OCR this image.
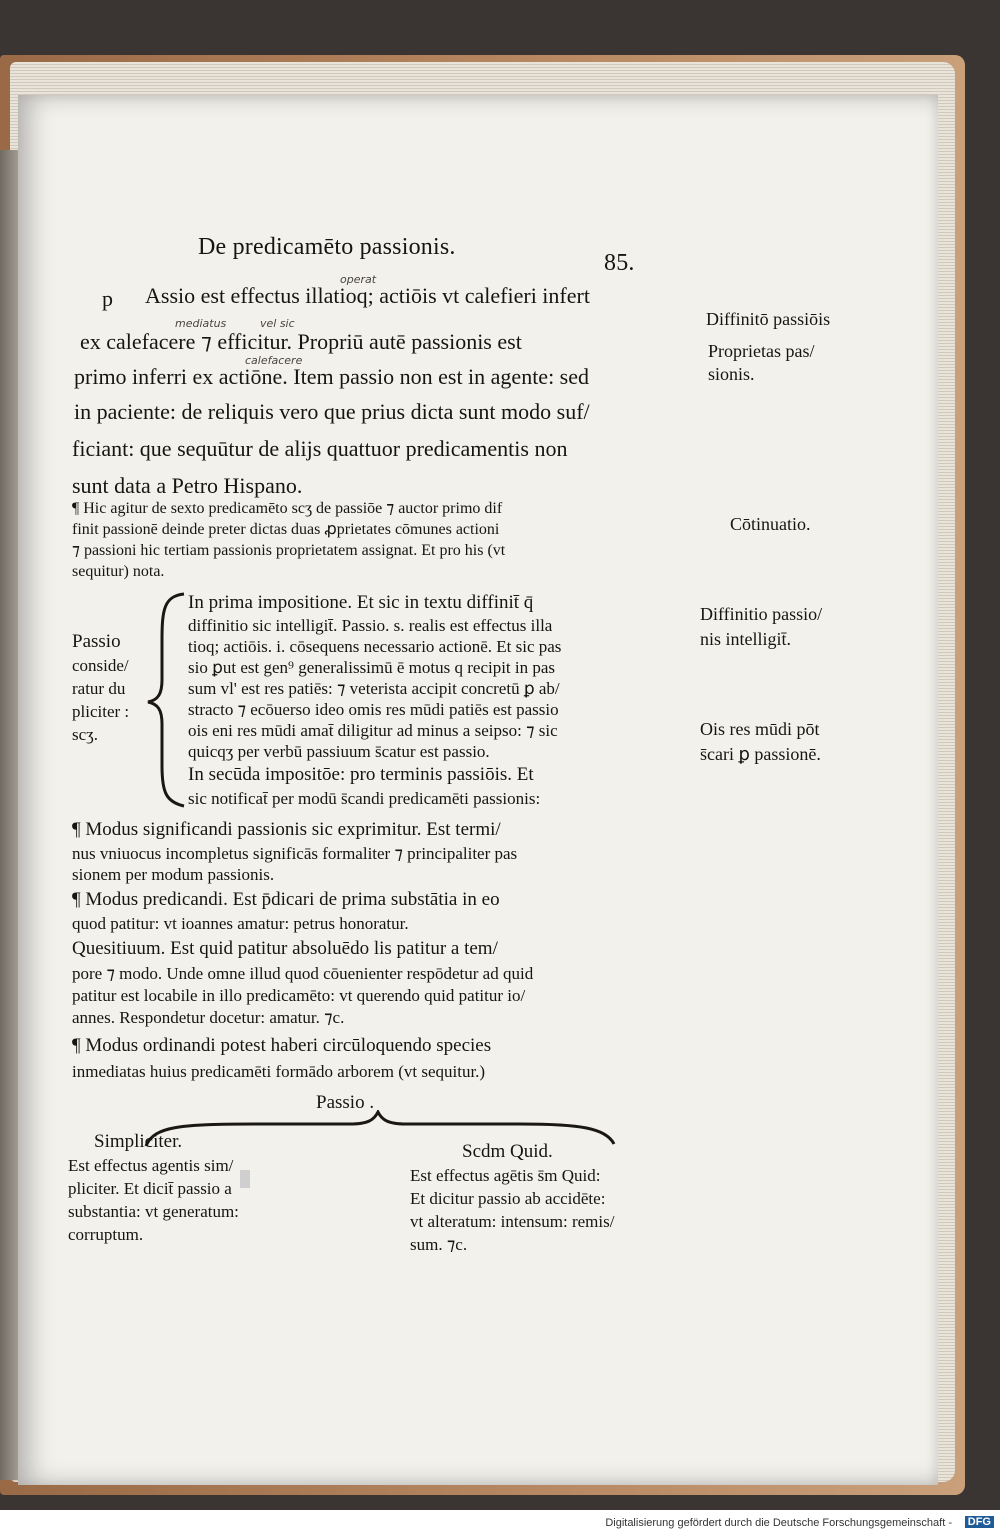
De predicamēto passionis.
85.
p Assio est effectus illatioq; actiōis vt calefieri infert
ex calefacere ⁊ efficitur. Propriū autē passionis est
primo inferri ex actiōne. Item passio non est in agente: sed
in paciente: de reliquis vero que prius dicta sunt modo suf/
ficiant: que sequūtur de alijs quattuor predicamentis non
sunt data a Petro Hispano.
operat
mediatus	vel sic
calefacere
¶ Hic agitur de sexto predicamēto scʒ de passiōe ⁊ auctor primo dif
finit passionē deinde preter dictas duas ꝓprietates cōmunes actioni
⁊ passioni hic tertiam passionis proprietatem assignat. Et pro his (vt
sequitur) nota.
Passio
conside/
ratur du
pliciter :
scʒ.
In prima impositione. Et sic in textu diffinit̄ q̄
diffinitio sic intelligit̄. Passio. s. realis est effectus illa
tioq; actiōis. i. cōsequens necessario actionē. Et sic pas
sio ꝑut est gen⁹ generalissimū ē motus q recipit in pas
sum vl' est res patiēs: ⁊ veterista accipit concretū ꝑ ab/
stracto ⁊ ecōuerso ideo omis res mūdi patiēs est passio
ois eni res mūdi amat̄ diligitur ad minus a seipso: ⁊ sic
quicqʒ per verbū passiuum s̄catur est passio.
In secūda impositōe: pro terminis passiōis. Et
sic notificat̄ per modū s̄candi predicamēti passionis:
¶ Modus significandi passionis sic exprimitur. Est termi/
nus vniuocus incompletus significās formaliter ⁊ principaliter pas
sionem per modum passionis.
¶ Modus predicandi. Est p̄dicari de prima substātia in eo
quod patitur: vt ioannes amatur: petrus honoratur.
Quesitiuum. Est quid patitur absoluēdo lis patitur a tem/
pore ⁊ modo. Unde omne illud quod cōuenienter respōdetur ad quid
patitur est locabile in illo predicamēto: vt querendo quid patitur io/
annes. Respondetur docetur: amatur. ⁊c.
¶ Modus ordinandi potest haberi circūloquendo species
inmediatas huius predicamēti formādo arborem (vt sequitur.)
Passio .
Simpliciter.
Est effectus agentis sim/
pliciter. Et dicit̄ passio a
substantia: vt generatum:
corruptum.
Scdm Quid.
Est effectus agētis s̄m Quid:
Et dicitur passio ab accidēte:
vt alteratum: intensum: remis/
sum. ⁊c.
Diffinitō passiōis
Proprietas pas/
sionis.
Cōtinuatio.
Diffinitio passio/
nis intelligit̄.
Ois res mūdi pōt
s̄cari ꝑ passionē.
Digitalisierung gefördert durch die Deutsche Forschungsgemeinschaft - DFG
